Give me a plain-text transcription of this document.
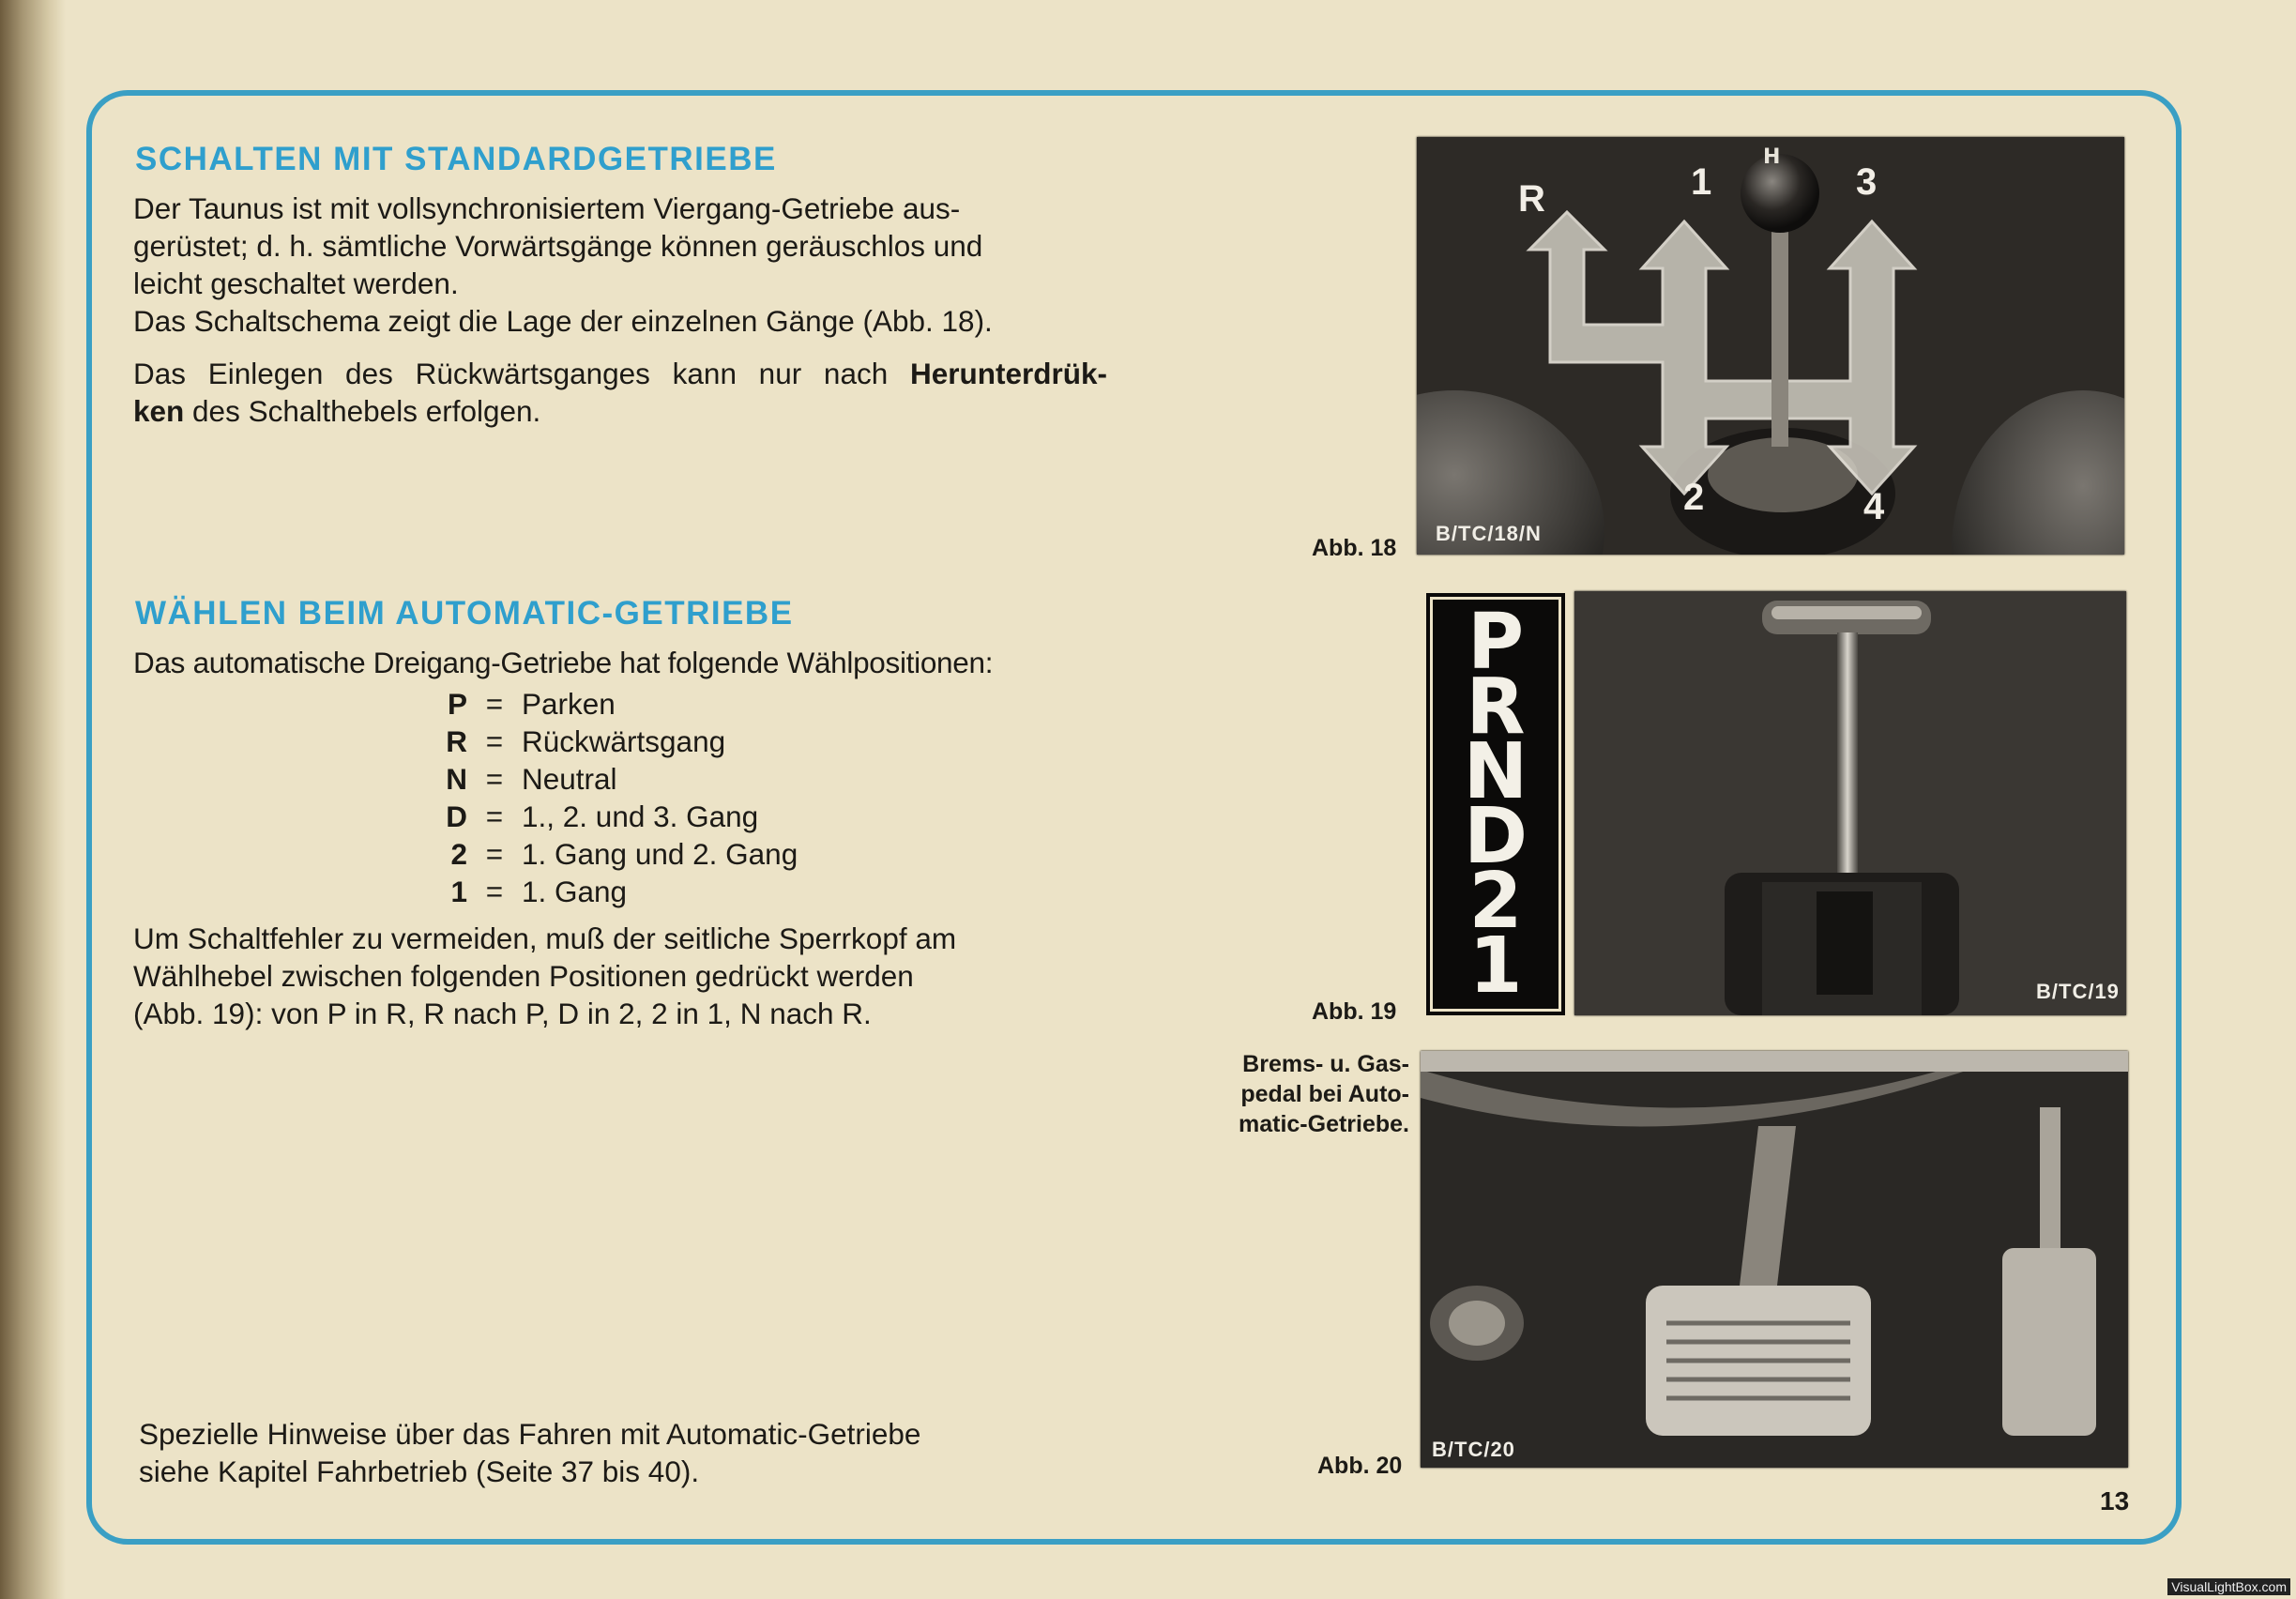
SCHALTEN MIT STANDARDGETRIEBE

Der Taunus ist mit vollsynchronisiertem Viergang-Getriebe aus-
gerüstet; d. h. sämtliche Vorwärtsgänge können geräuschlos und
leicht geschaltet werden.
Das Schaltschema zeigt die Lage der einzelnen Gänge (Abb. 18).

Das Einlegen des Rückwärtsganges kann nur nach Herunterdrük-
ken des Schalthebels erfolgen.

WÄHLEN BEIM AUTOMATIC-GETRIEBE

Das automatische Dreigang-Getriebe hat folgende Wählpositionen:

P = Parken
R = Rückwärtsgang
N = Neutral
D = 1., 2. und 3. Gang
2 = 1. Gang und 2. Gang
1 = 1. Gang

Um Schaltfehler zu vermeiden, muß der seitliche Sperrkopf am
Wählhebel zwischen folgenden Positionen gedrückt werden
(Abb. 19): von P in R, R nach P, D in 2, 2 in 1, N nach R.

Spezielle Hinweise über das Fahren mit Automatic-Getriebe
siehe Kapitel Fahrbetrieb (Seite 37 bis 40).

H
R	1	3
2	4
B/TC/18/N
Abb. 18
P
R
N
D
2
1	B/TC/19
Abb. 19
Brems- u. Gas-
pedal bei Auto-
matic-Getriebe.
B/TC/20
Abb. 20
13
VisualLightBox.com
